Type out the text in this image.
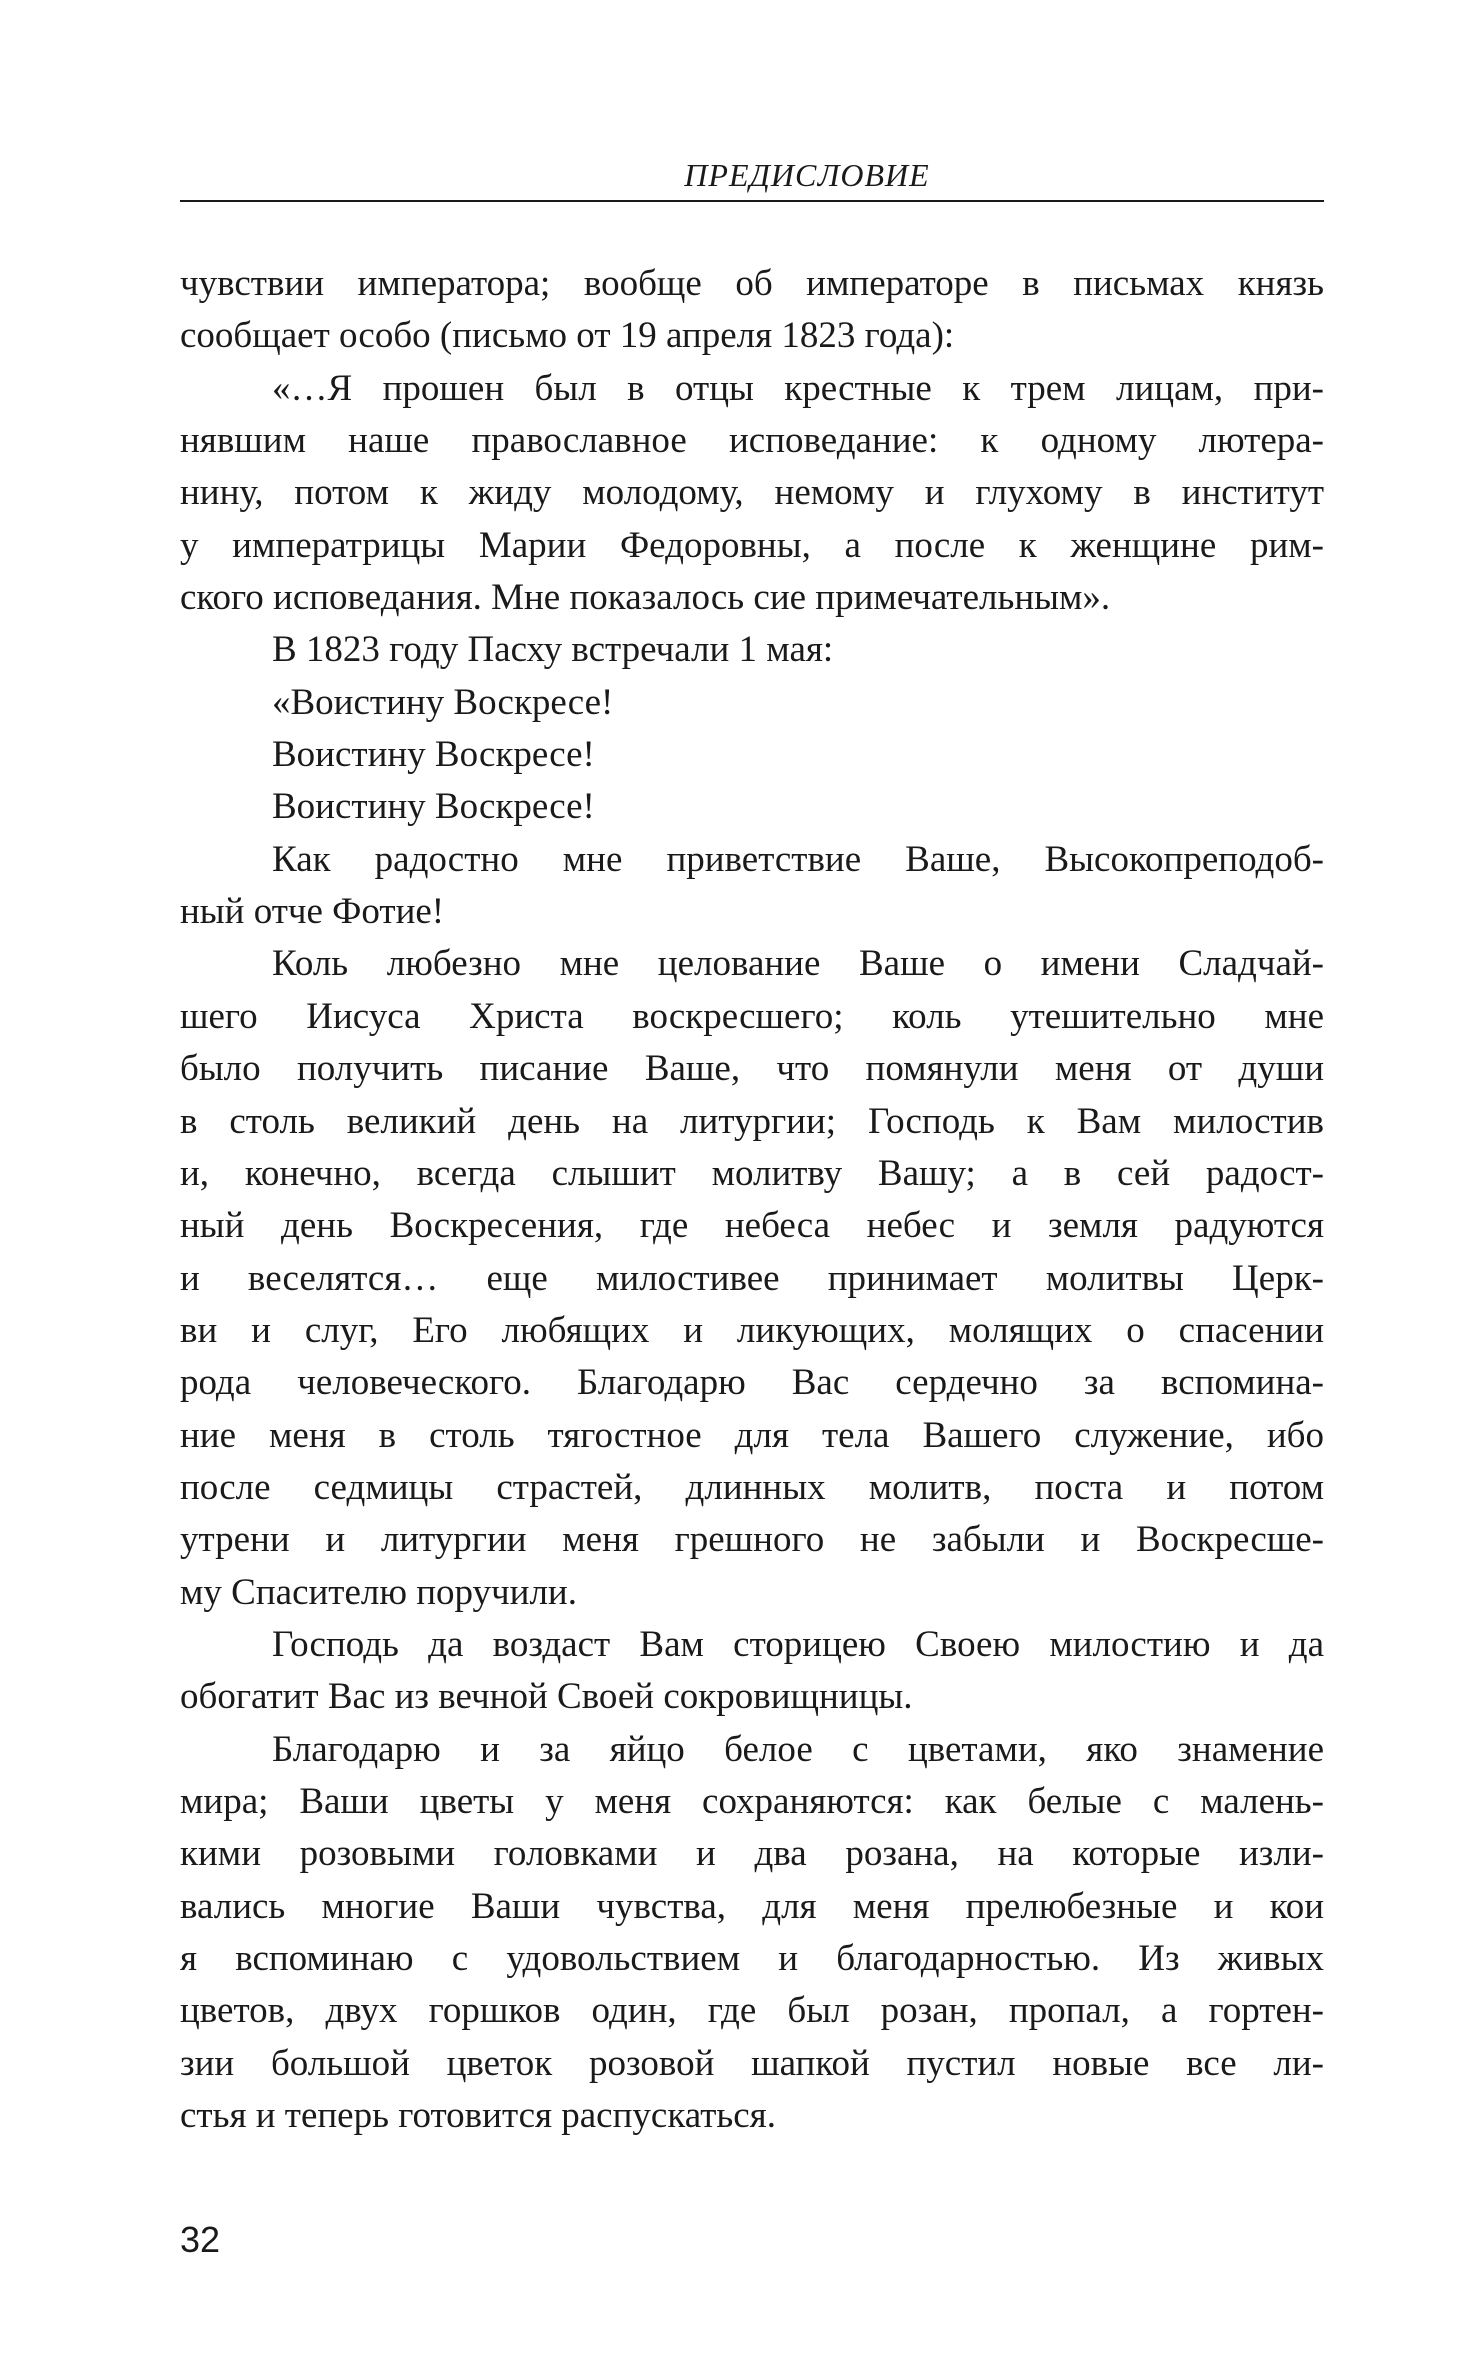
ПРЕДИСЛОВИЕ
чувствии императора; вообще об императоре в письмах князь
сообщает особо (письмо от 19 апреля 1823 года):
«…Я прошен был в отцы крестные к трем лицам, при-
нявшим наше православное исповедание: к одному лютера-
нину, потом к жиду молодому, немому и глухому в институт
у императрицы Марии Федоровны, а после к женщине рим-
ского исповедания. Мне показалось сие примечательным».
В 1823 году Пасху встречали 1 мая:
«Воистину Воскресе!
Воистину Воскресе!
Воистину Воскресе!
Как радостно мне приветствие Ваше, Высокопреподоб-
ный отче Фотие!
Коль любезно мне целование Ваше о имени Сладчай-
шего Иисуса Христа воскресшего; коль утешительно мне
было получить писание Ваше, что помянули меня от души
в столь великий день на литургии; Господь к Вам милостив
и, конечно, всегда слышит молитву Вашу; а в сей радост-
ный день Воскресения, где небеса небес и земля радуются
и веселятся… еще милостивее принимает молитвы Церк-
ви и слуг, Его любящих и ликующих, молящих о спасении
рода человеческого. Благодарю Вас сердечно за вспомина-
ние меня в столь тягостное для тела Вашего служение, ибо
после седмицы страстей, длинных молитв, поста и потом
утрени и литургии меня грешного не забыли и Воскресше-
му Спасителю поручили.
Господь да воздаст Вам сторицею Своею милостию и да
обогатит Вас из вечной Своей сокровищницы.
Благодарю и за яйцо белое с цветами, яко знамение
мира; Ваши цветы у меня сохраняются: как белые с малень-
кими розовыми головками и два розана, на которые изли-
вались многие Ваши чувства, для меня прелюбезные и кои
я вспоминаю с удовольствием и благодарностью. Из живых
цветов, двух горшков один, где был розан, пропал, а гортен-
зии большой цветок розовой шапкой пустил новые все ли-
стья и теперь готовится распускаться.
32
